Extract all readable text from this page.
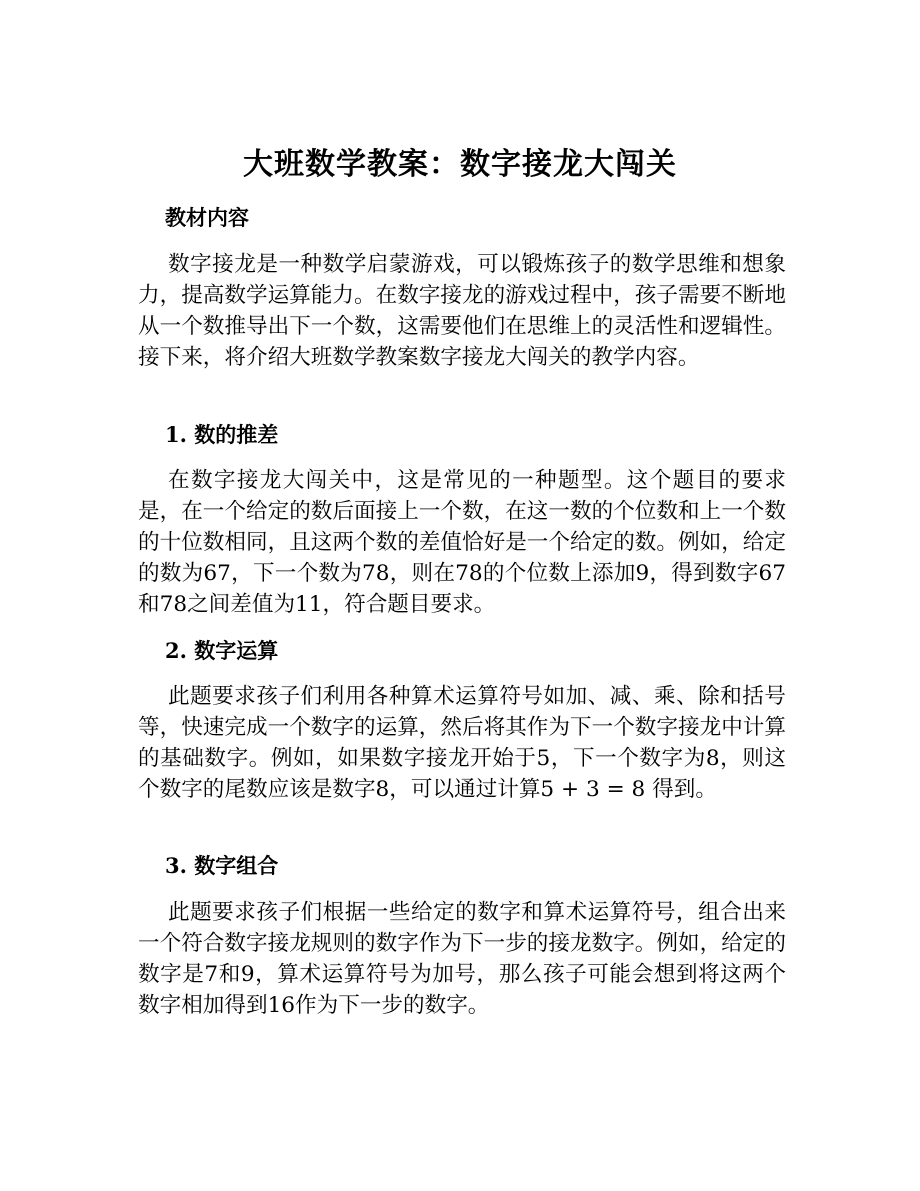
大班数学教案：数字接龙大闯关
教材内容

数字接龙是一种数学启蒙游戏，可以锻炼孩子的数学思维和想象力，提高数学运算能力。在数字接龙的游戏过程中，孩子需要不断地从一个数推导出下一个数，这需要他们在思维上的灵活性和逻辑性。接下来，将介绍大班数学教案数字接龙大闯关的教学内容。

1. 数的推差

在数字接龙大闯关中，这是常见的一种题型。这个题目的要求是，在一个给定的数后面接上一个数，在这一数的个位数和上一个数的十位数相同，且这两个数的差值恰好是一个给定的数。例如，给定的数为67，下一个数为78，则在78的个位数上添加9，得到数字67和78之间差值为11，符合题目要求。

2. 数字运算

此题要求孩子们利用各种算术运算符号如加、减、乘、除和括号等，快速完成一个数字的运算，然后将其作为下一个数字接龙中计算的基础数字。例如，如果数字接龙开始于5，下一个数字为8，则这个数字的尾数应该是数字8，可以通过计算5 + 3 = 8 得到。

3. 数字组合

此题要求孩子们根据一些给定的数字和算术运算符号，组合出来一个符合数字接龙规则的数字作为下一步的接龙数字。例如，给定的数字是7和9，算术运算符号为加号，那么孩子可能会想到将这两个数字相加得到16作为下一步的数字。
